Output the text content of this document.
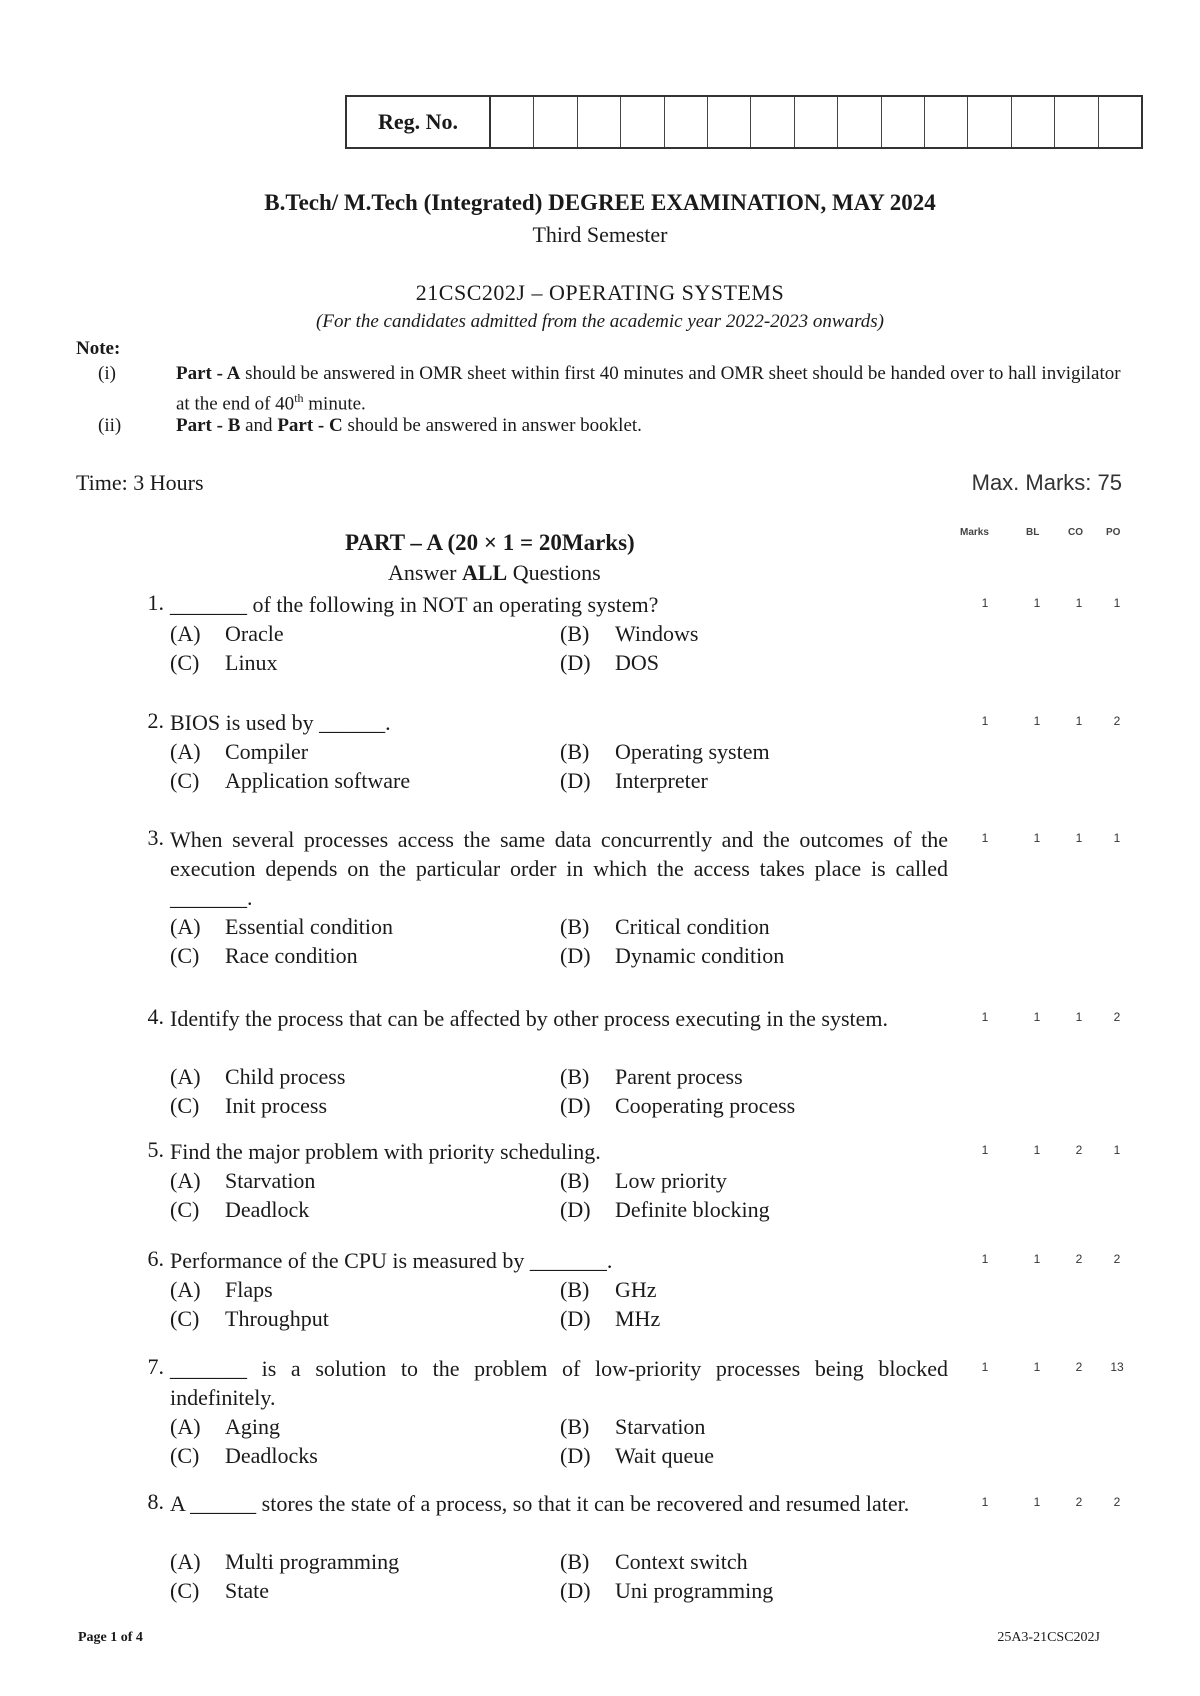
Reg. No.
B.Tech/ M.Tech (Integrated) DEGREE EXAMINATION, MAY 2024
Third Semester
21CSC202J – OPERATING SYSTEMS
(For the candidates admitted from the academic year 2022-2023 onwards)
Note:
(i)	Part - A should be answered in OMR sheet within first 40 minutes and OMR sheet should be handed over to hall invigilator at the end of 40th minute.
(ii)	Part - B and Part - C should be answered in answer booklet.
Time: 3 Hours	Max. Marks: 75
PART – A (20 × 1 = 20Marks)
Answer ALL Questions
Marks	BL	CO PO
1. _______ of the following in NOT an operating system?
(A) Oracle	(B) Windows
(C) Linux	(D) DOS
1	1	1	1
2. BIOS is used by ______.
(A) Compiler	(B) Operating system
(C) Application software	(D) Interpreter
1	1	1	2
3. When several processes access the same data concurrently and the outcomes of the execution depends on the particular order in which the access takes place is called _______.
(A) Essential condition	(B) Critical condition
(C) Race condition	(D) Dynamic condition
1	1	1	1
4. Identify the process that can be affected by other process executing in the system.
(A) Child process	(B) Parent process
(C) Init process	(D) Cooperating process
1	1	1	2
5. Find the major problem with priority scheduling.
(A) Starvation	(B) Low priority
(C) Deadlock	(D) Definite blocking
1	1	2	1
6. Performance of the CPU is measured by _______.
(A) Flaps	(B) GHz
(C) Throughput	(D) MHz
1	1	2	2
7. _______ is a solution to the problem of low-priority processes being blocked indefinitely.
(A) Aging	(B) Starvation
(C) Deadlocks	(D) Wait queue
1	1	2	13
8. A ______ stores the state of a process, so that it can be recovered and resumed later.
(A) Multi programming	(B) Context switch
(C) State	(D) Uni programming
1	1	2	2
Page 1 of 4	25A3-21CSC202J
